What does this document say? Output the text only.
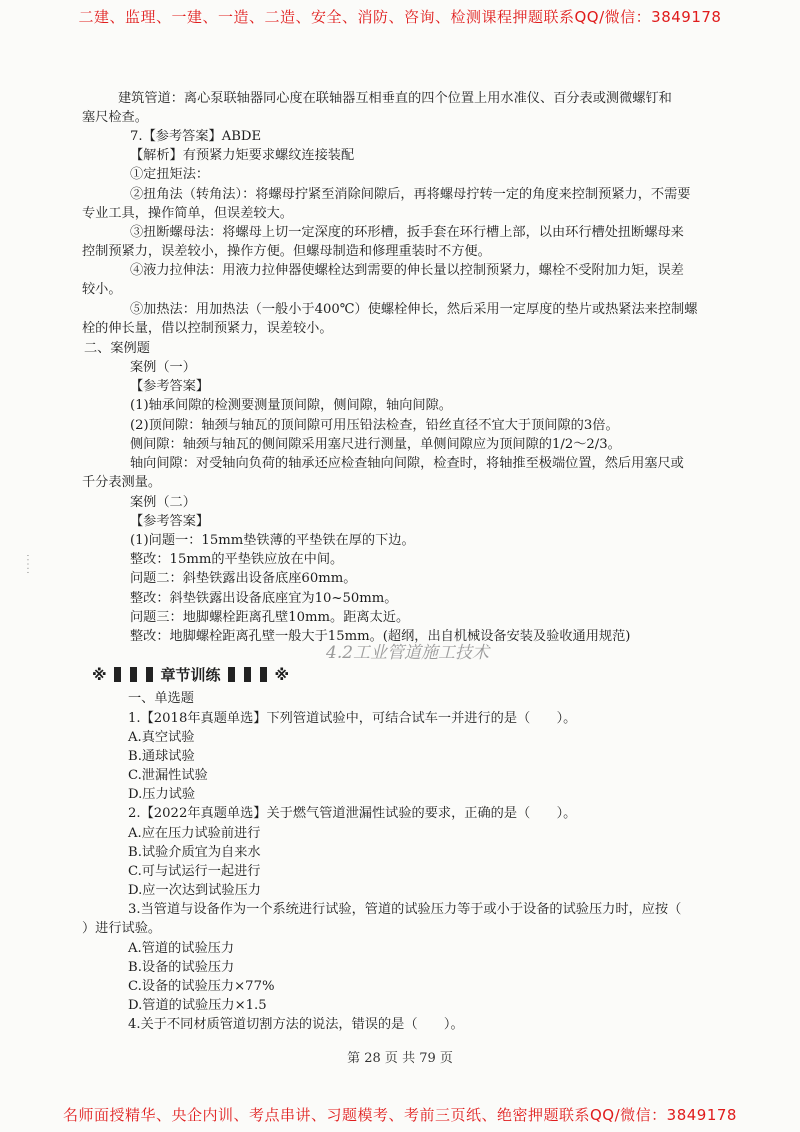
二建、监理、一建、一造、二造、安全、消防、咨询、检测课程押题联系QQ/微信：3849178
·····
建筑管道：离心泵联轴器同心度在联轴器互相垂直的四个位置上用水准仪、百分表或测微螺钉和
塞尺检查。
7.【参考答案】ABDE
【解析】有预紧力矩要求螺纹连接装配
①定扭矩法：
②扭角法（转角法）：将螺母拧紧至消除间隙后，再将螺母拧转一定的角度来控制预紧力，不需要
专业工具，操作简单，但误差较大。
③扭断螺母法：将螺母上切一定深度的环形槽，扳手套在环行槽上部，以由环行槽处扭断螺母来
控制预紧力，误差较小，操作方便。但螺母制造和修理重装时不方便。
④液力拉伸法：用液力拉伸器使螺栓达到需要的伸长量以控制预紧力，螺栓不受附加力矩，误差
较小。
⑤加热法：用加热法（一般小于400℃）使螺栓伸长，然后采用一定厚度的垫片或热紧法来控制螺
栓的伸长量，借以控制预紧力，误差较小。
二、案例题
案例（一）
【参考答案】
(1)轴承间隙的检测要测量顶间隙，侧间隙，轴向间隙。
(2)顶间隙：轴颈与轴瓦的顶间隙可用压铅法检查，铅丝直径不宜大于顶间隙的3倍。
侧间隙：轴颈与轴瓦的侧间隙采用塞尺进行测量，单侧间隙应为顶间隙的1/2～2/3。
轴向间隙：对受轴向负荷的轴承还应检查轴向间隙，检查时，将轴推至极端位置，然后用塞尺或
千分表测量。
案例（二）
【参考答案】
(1)问题一：15mm垫铁薄的平垫铁在厚的下边。
整改：15mm的平垫铁应放在中间。
问题二：斜垫铁露出设备底座60mm。
整改：斜垫铁露出设备底座宜为10~50mm。
问题三：地脚螺栓距离孔壁10mm。距离太近。
整改：地脚螺栓距离孔壁一般大于15mm。(超纲，出自机械设备安装及验收通用规范)
一、单选题
1.【2018年真题单选】下列管道试验中，可结合试车一并进行的是（　　）。
A.真空试验
B.通球试验
C.泄漏性试验
D.压力试验
2.【2022年真题单选】关于燃气管道泄漏性试验的要求，正确的是（　　）。
A.应在压力试验前进行
B.试验介质宜为自来水
C.可与试运行一起进行
D.应一次达到试验压力
3.当管道与设备作为一个系统进行试验，管道的试验压力等于或小于设备的试验压力时，应按（
）进行试验。
A.管道的试验压力
B.设备的试验压力
C.设备的试验压力×77%
D.管道的试验压力×1.5
4.关于不同材质管道切割方法的说法，错误的是（　　）。
4.2工业管道施工技术
※	章节训练	※
第 28 页 共 79 页
名师面授精华、央企内训、考点串讲、习题模考、考前三页纸、绝密押题联系QQ/微信：3849178
